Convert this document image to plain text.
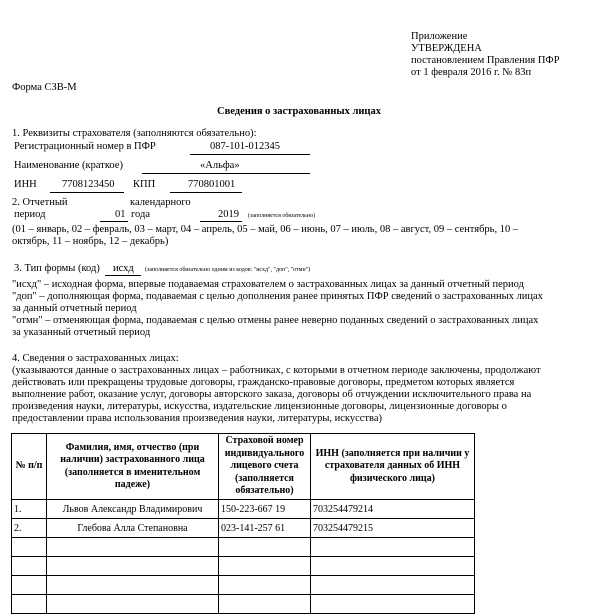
Приложение
УТВЕРЖДЕНА
постановлением Правления ПФР
от 1 февраля 2016 г. № 83п
Форма СЗВ-М
Сведения о застрахованных лицах
1. Реквизиты страхователя (заполняются обязательно):
Регистрационный номер в ПФР	087-101-012345
Наименование (краткое)	«Альфа»
ИНН 7708123450 КПП	770801001
2. Отчетный	календарного
период	01 года	2019 (заполняется обязательно)
(01 – январь, 02 – февраль, 03 – март, 04 – апрель, 05 – май, 06 – июнь, 07 – июль, 08 – август, 09 – сентябрь, 10 –
октябрь, 11 – ноябрь, 12 – декабрь)
3. Тип формы (код) исхд (заполняется обязательно одним из кодов: "исхд", "доп", "отмн")
"исхд" – исходная форма, впервые подаваемая страхователем о застрахованных лицах за данный отчетный период
"доп" – дополняющая форма, подаваемая с целью дополнения ранее принятых ПФР сведений о застрахованных лицах
за данный отчетный период
"отмн" – отменяющая форма, подаваемая с целью отмены ранее неверно поданных сведений о застрахованных лицах
за указанный отчетный период
4. Сведения о застрахованных лицах:
(указываются данные о застрахованных лицах – работниках, с которыми в отчетном периоде заключены, продолжают
действовать или прекращены трудовые договоры, гражданско-правовые договоры, предметом которых является
выполнение работ, оказание услуг, договоры авторского заказа, договоры об отчуждении исключительного права на
произведения науки, литературы, искусства, издательские лицензионные договоры, лицензионные договоры о
предоставлении права использования произведения науки, литературы, искусства)
№ п/п	Фамилия, имя, отчество (при наличии) застрахованного лица (заполняется в именительном падеже)	Страховой номер индивидуального лицевого счета (заполняется обязательно)	ИНН (заполняется при наличии у страхователя данных об ИНН физического лица)
1.	Львов Александр Владимирович	150-223-667 19	703254479214
2.	Глебова Алла Степановна	023-141-257 61	703254479215
